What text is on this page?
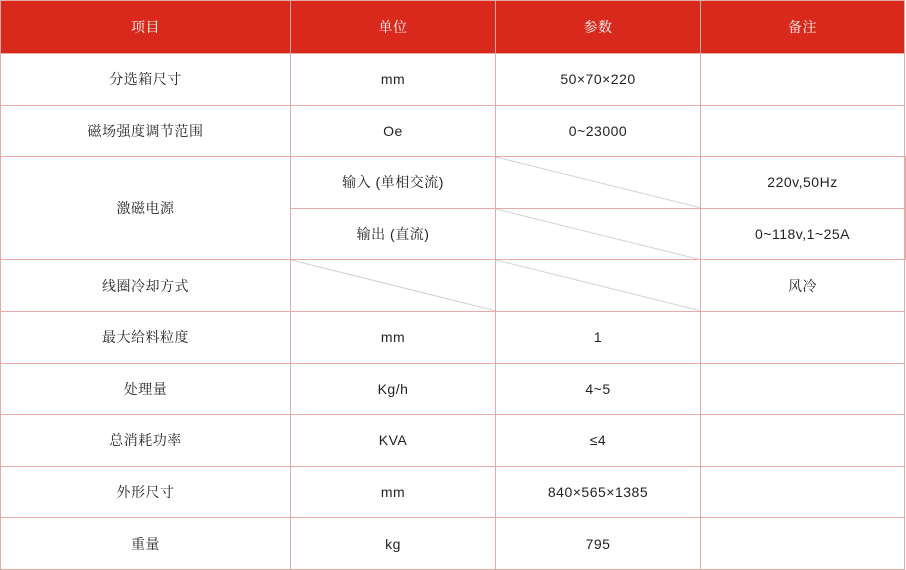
项目	单位	参数	备注	
分选箱尺寸	mm	50×70×220		
磁场强度调节范围	Oe	0~23000		
激磁电源	输入 (单相交流)		220v,50Hz	
	输出 (直流)		0~118v,1~25A	
线圈冷却方式			风冷	
最大给料粒度	mm	1		
处理量	Kg/h	4~5		
总消耗功率	KVA	≤4		
外形尺寸	mm	840×565×1385		
重量	kg	795		
